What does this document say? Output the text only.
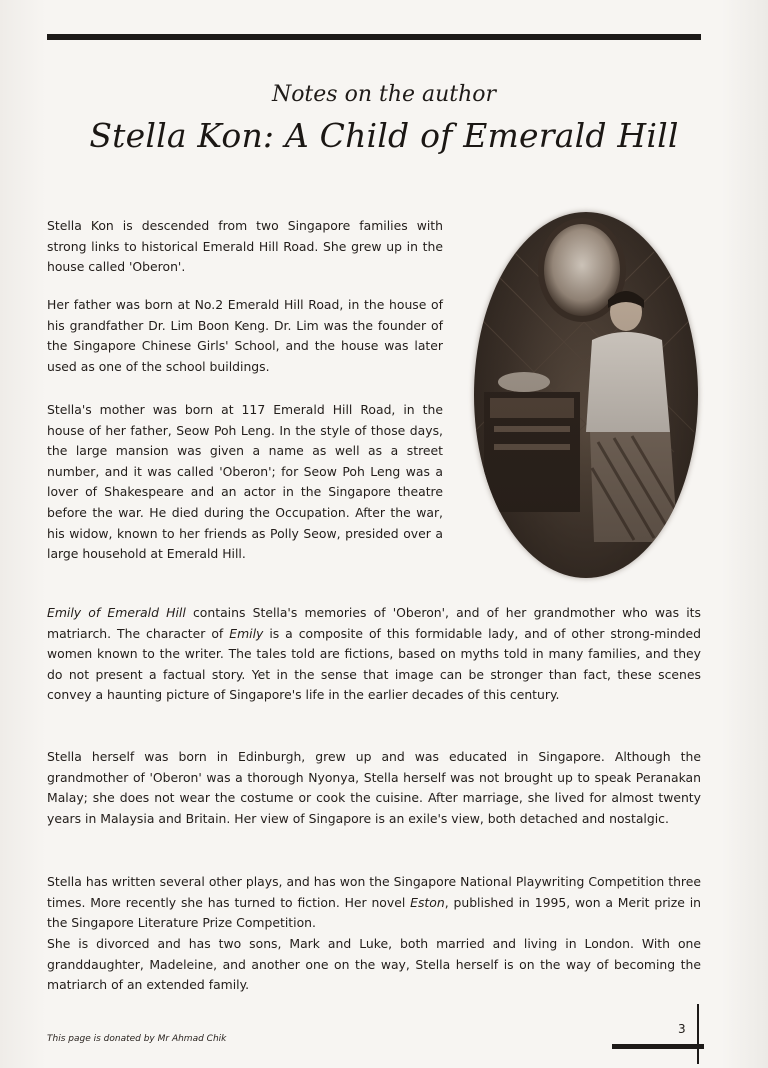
Notes on the author
Stella Kon: A Child of Emerald Hill

Stella Kon is descended from two Singapore families with strong links to historical Emerald Hill Road. She grew up in the house called 'Oberon'.

Her father was born at No.2 Emerald Hill Road, in the house of his grandfather Dr. Lim Boon Keng. Dr. Lim was the founder of the Singapore Chinese Girls' School, and the house was later used as one of the school buildings.

Stella's mother was born at 117 Emerald Hill Road, in the house of her father, Seow Poh Leng. In the style of those days, the large mansion was given a name as well as a street number, and it was called 'Oberon'; for Seow Poh Leng was a lover of Shakespeare and an actor in the Singapore theatre before the war. He died during the Occupation. After the war, his widow, known to her friends as Polly Seow, presided over a large household at Emerald Hill.

Emily of Emerald Hill contains Stella's memories of 'Oberon', and of her grandmother who was its matriarch. The character of Emily is a composite of this formidable lady, and of other strong-minded women known to the writer. The tales told are fictions, based on myths told in many families, and they do not present a factual story. Yet in the sense that image can be stronger than fact, these scenes convey a haunting picture of Singapore's life in the earlier decades of this century.

Stella herself was born in Edinburgh, grew up and was educated in Singapore. Although the grandmother of 'Oberon' was a thorough Nyonya, Stella herself was not brought up to speak Peranakan Malay; she does not wear the costume or cook the cuisine. After marriage, she lived for almost twenty years in Malaysia and Britain. Her view of Singapore is an exile's view, both detached and nostalgic.

Stella has written several other plays, and has won the Singapore National Playwriting Competition three times. More recently she has turned to fiction. Her novel Eston, published in 1995, won a Merit prize in the Singapore Literature Prize Competition.

She is divorced and has two sons, Mark and Luke, both married and living in London. With one granddaughter, Madeleine, and another one on the way, Stella herself is on the way of becoming the matriarch of an extended family.

This page is donated by Mr Ahmad Chik
3
